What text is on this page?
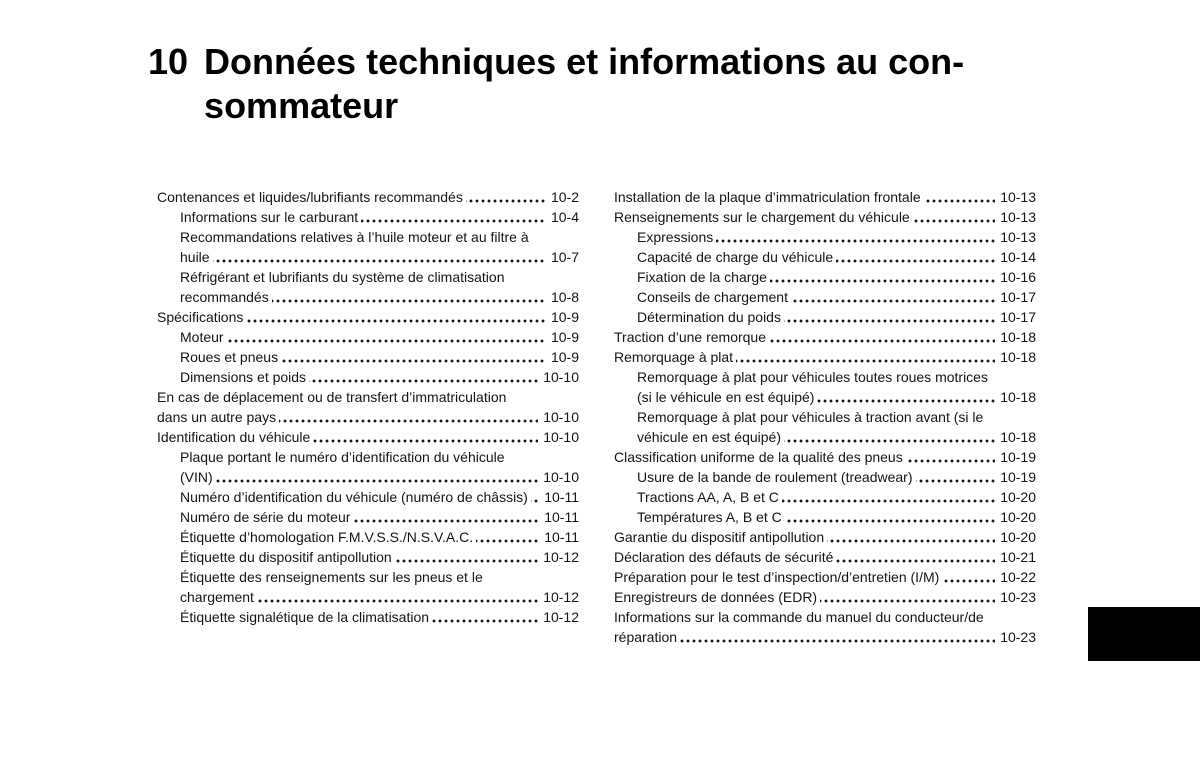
10 Données techniques et informations au consommateur
Contenances et liquides/lubrifiants recommandés	10-2
Informations sur le carburant	10-4
Recommandations relatives à l’huile moteur et au filtre à huile	10-7
Réfrigérant et lubrifiants du système de climatisation recommandés	10-8
Spécifications	10-9
Moteur	10-9
Roues et pneus	10-9
Dimensions et poids	10-10
En cas de déplacement ou de transfert d’immatriculation dans un autre pays	10-10
Identification du véhicule	10-10
Plaque portant le numéro d’identification du véhicule (VIN)	10-10
Numéro d’identification du véhicule (numéro de châssis)	10-11
Numéro de série du moteur	10-11
Étiquette d’homologation F.M.V.S.S./N.S.V.A.C.	10-11
Étiquette du dispositif antipollution	10-12
Étiquette des renseignements sur les pneus et le chargement	10-12
Étiquette signalétique de la climatisation	10-12
Installation de la plaque d’immatriculation frontale	10-13
Renseignements sur le chargement du véhicule	10-13
Expressions	10-13
Capacité de charge du véhicule	10-14
Fixation de la charge	10-16
Conseils de chargement	10-17
Détermination du poids	10-17
Traction d’une remorque	10-18
Remorquage à plat	10-18
Remorquage à plat pour véhicules toutes roues motrices (si le véhicule en est équipé)	10-18
Remorquage à plat pour véhicules à traction avant (si le véhicule en est équipé)	10-18
Classification uniforme de la qualité des pneus	10-19
Usure de la bande de roulement (treadwear)	10-19
Tractions AA, A, B et C	10-20
Températures A, B et C	10-20
Garantie du dispositif antipollution	10-20
Déclaration des défauts de sécurité	10-21
Préparation pour le test d’inspection/d’entretien (I/M)	10-22
Enregistreurs de données (EDR)	10-23
Informations sur la commande du manuel du conducteur/de réparation	10-23
